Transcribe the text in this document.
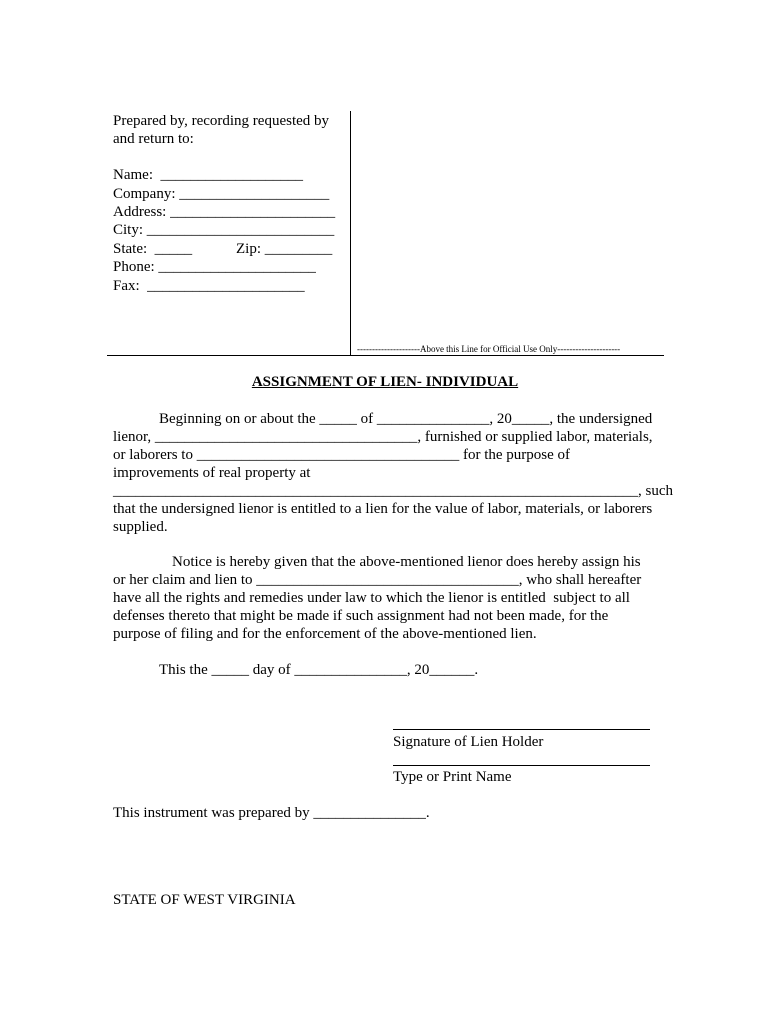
Prepared by, recording requested by
and return to:
Name:  ___________________
Company: ____________________
Address: ______________________
City: _________________________
State:  _____	Zip: _________
Phone: _____________________
Fax:  _____________________
---------------------Above this Line for Official Use Only---------------------
ASSIGNMENT OF LIEN- INDIVIDUAL
Beginning on or about the _____ of _______________, 20_____, the undersigned
lienor, ___________________________________, furnished or supplied labor, materials,
or laborers to ___________________________________ for the purpose of
improvements of real property at
______________________________________________________________________, such
that the undersigned lienor is entitled to a lien for the value of labor, materials, or laborers
supplied.
Notice is hereby given that the above-mentioned lienor does hereby assign his
or her claim and lien to ___________________________________, who shall hereafter
have all the rights and remedies under law to which the lienor is entitled  subject to all
defenses thereto that might be made if such assignment had not been made, for the
purpose of filing and for the enforcement of the above-mentioned lien.
This the _____ day of _______________, 20______.
Signature of Lien Holder
Type or Print Name
This instrument was prepared by _______________.
STATE OF WEST VIRGINIA
